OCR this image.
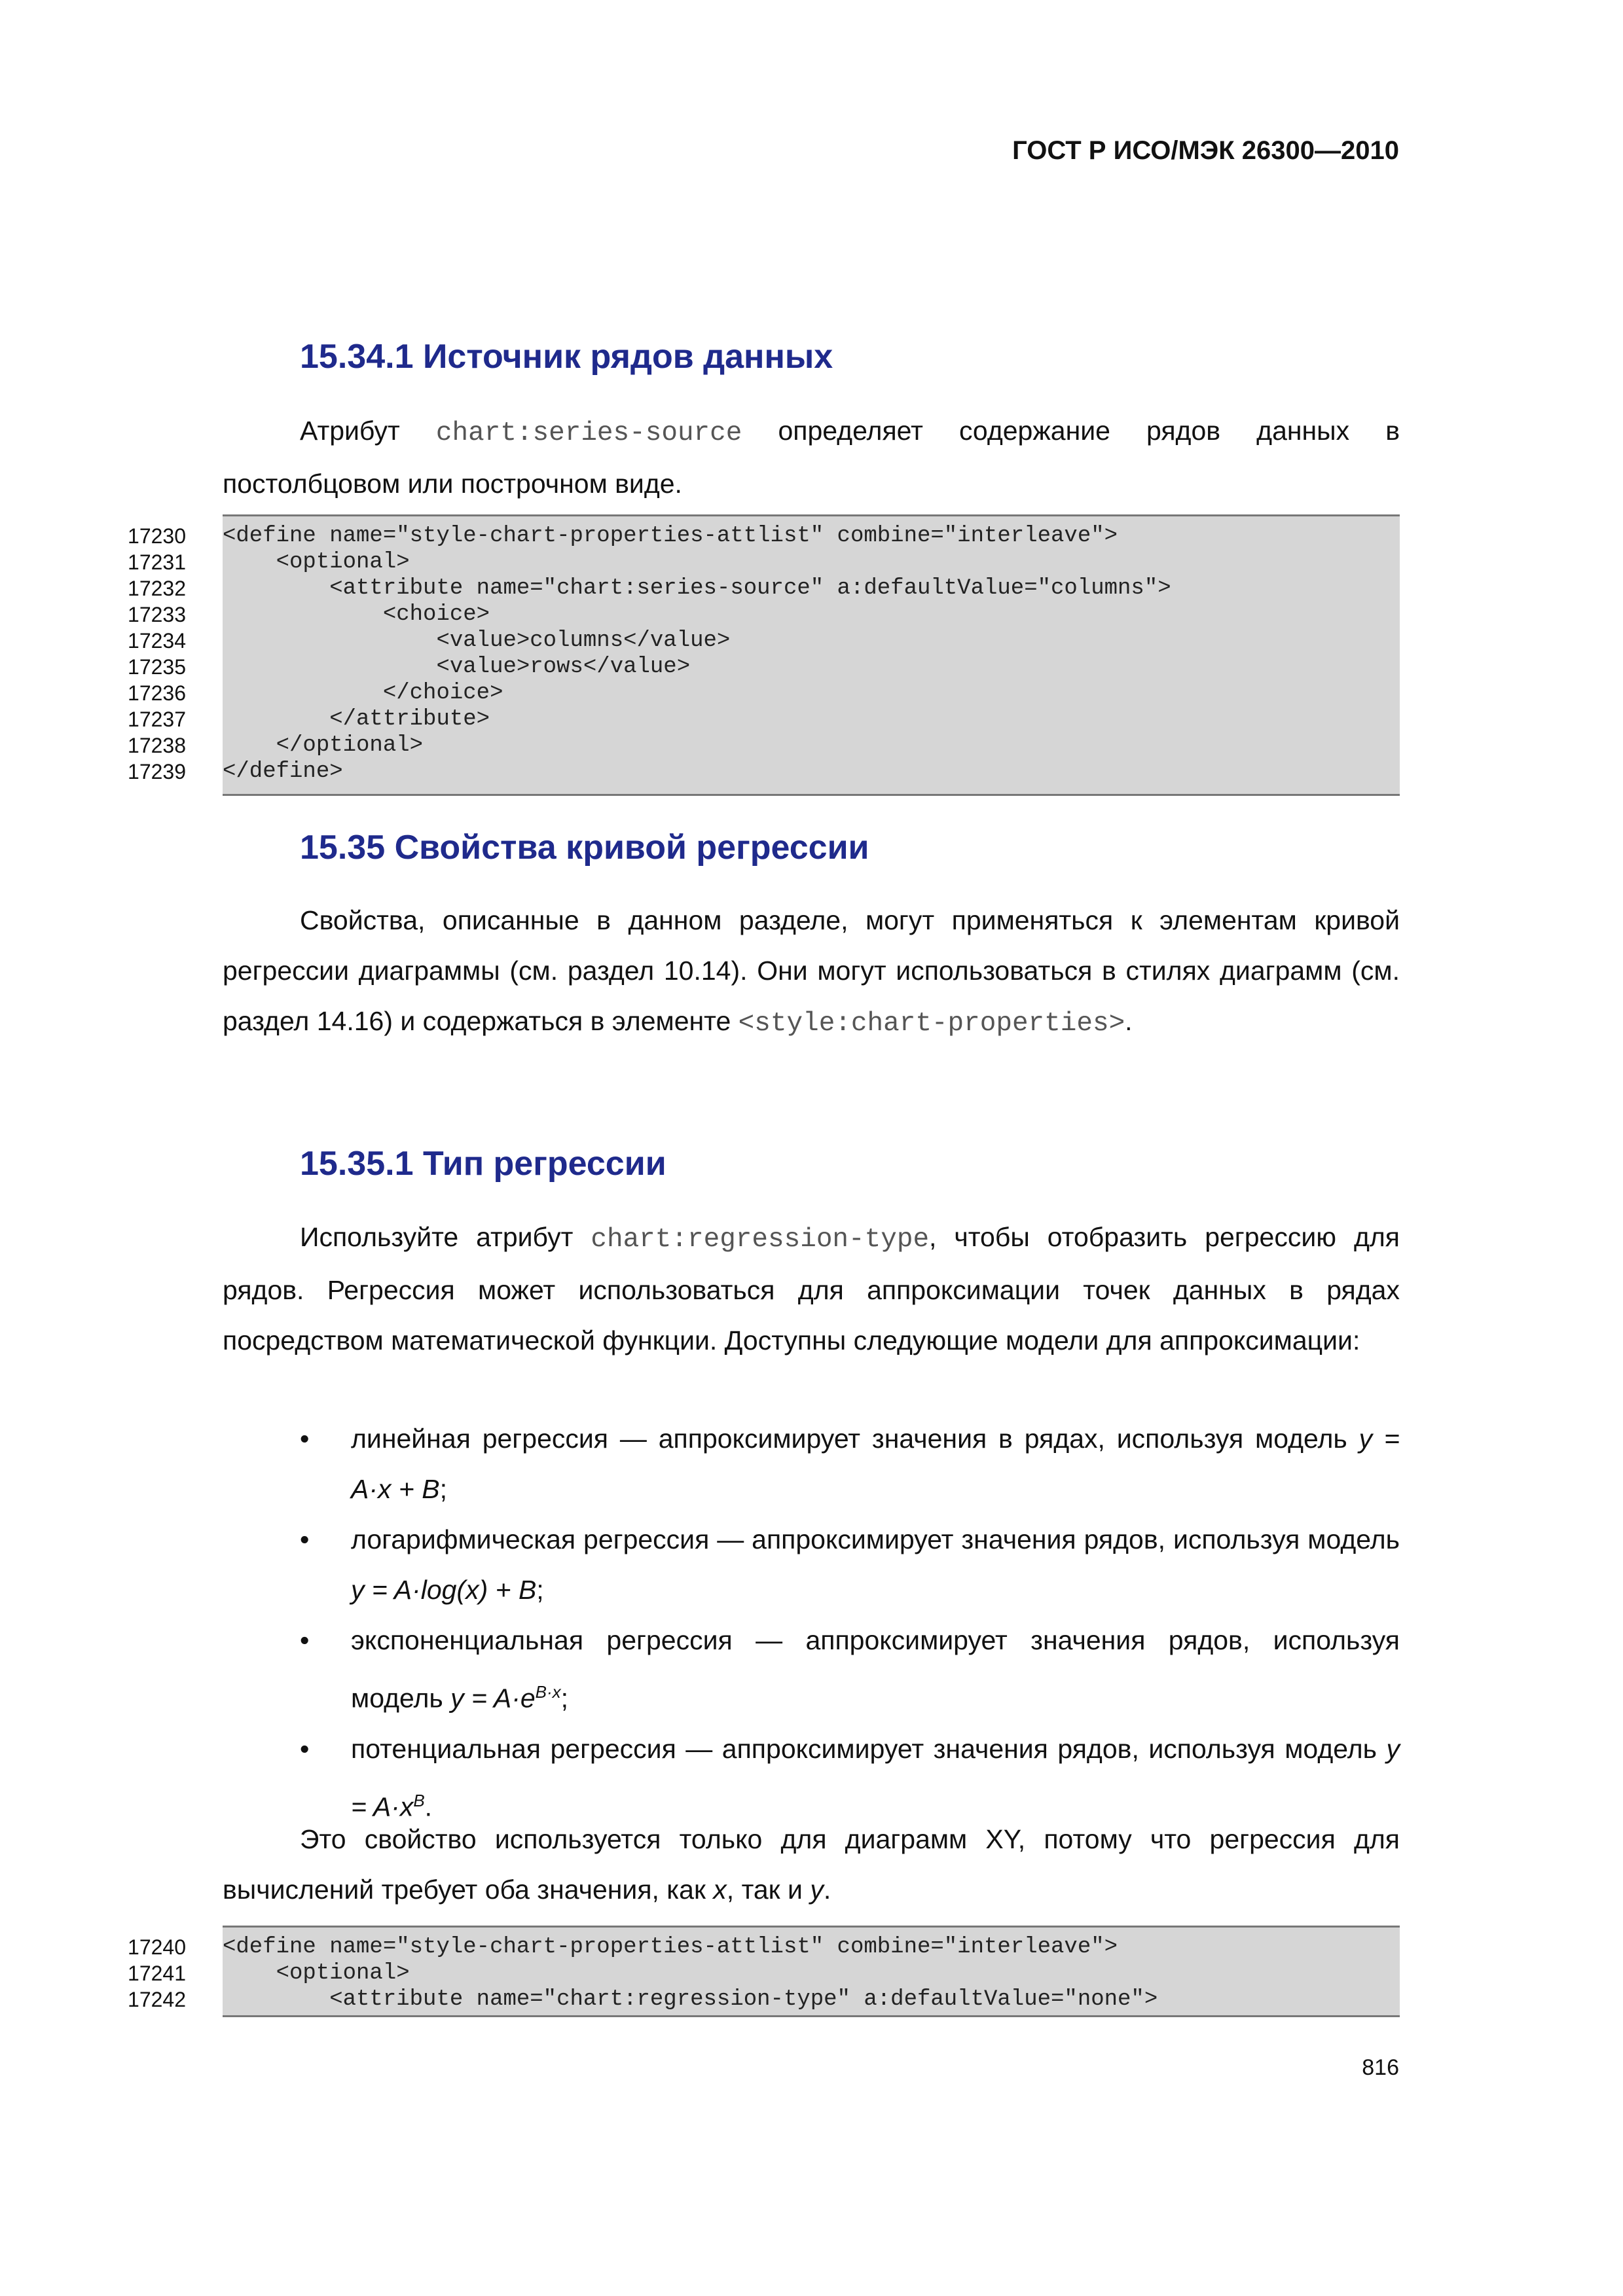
ГОСТ Р ИСО/МЭК 26300—2010
15.34.1 Источник рядов данных
Атрибут chart:series-source определяет содержание рядов данных в постолбцовом или построчном виде.
17230 <define name="style-chart-properties-attlist" combine="interleave">
17231 <optional>
17232 <attribute name="chart:series-source" a:defaultValue="columns">
17233 <choice>
17234 <value>columns</value>
17235 <value>rows</value>
17236 </choice>
17237 </attribute>
17238 </optional>
17239 </define>
15.35 Свойства кривой регрессии
Свойства, описанные в данном разделе, могут применяться к элементам кривой регрессии диаграммы (см. раздел 10.14). Они могут использоваться в стилях диаграмм (см. раздел 14.16) и содержаться в элементе <style:chart-properties>.
15.35.1 Тип регрессии
Используйте атрибут chart:regression-type, чтобы отобразить регрессию для рядов. Регрессия может использоваться для аппроксимации точек данных в рядах посредством математической функции. Доступны следующие модели для аппроксимации:
• линейная регрессия — аппроксимирует значения в рядах, используя модель y = A·x + B;
• логарифмическая регрессия — аппроксимирует значения рядов, используя модель y = A·log(x) + B;
• экспоненциальная регрессия — аппроксимирует значения рядов, используя модель $y = A\cdot e^{B\cdot x}$;
• потенциальная регрессия — аппроксимирует значения рядов, используя модель $y = A\cdot x^B$.
Это свойство используется только для диаграмм XY, потому что регрессия для вычислений требует оба значения, как x, так и y.
17240 <define name="style-chart-properties-attlist" combine="interleave">
17241 <optional>
17242 <attribute name="chart:regression-type" a:defaultValue="none">
816
